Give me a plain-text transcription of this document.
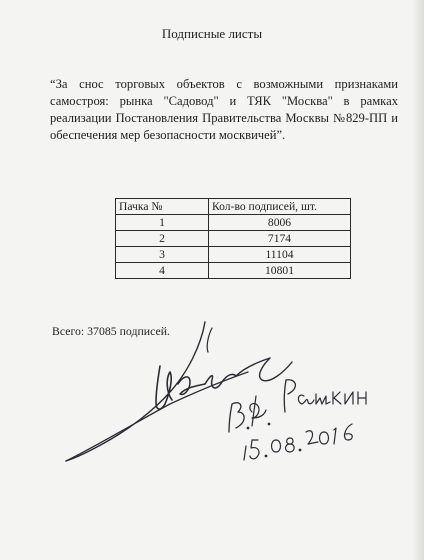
Подписные листы

“За снос торговых объектов с возможными признаками самостроя: рынка "Садовод" и ТЯК "Москва" в рамках реализации Постановления Правительства Москвы №829-ПП и обеспечения мер безопасности москвичей”.

Пачка №	Кол-во подписей, шт.
1	8006
2	7174
3	11104
4	10801
Всего: 37085 подписей.
